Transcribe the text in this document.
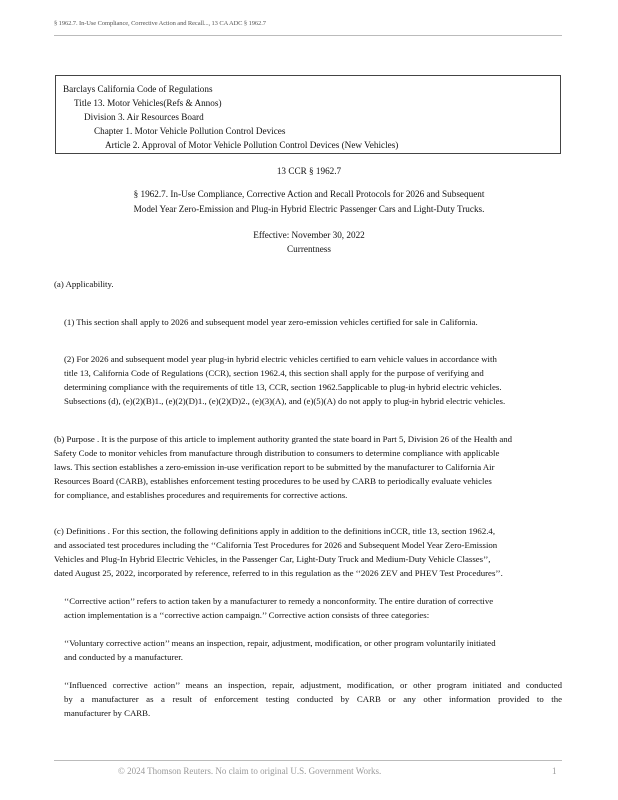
§ 1962.7. In-Use Compliance, Corrective Action and Recall..., 13 CA ADC § 1962.7
Barclays California Code of Regulations
Title 13. Motor Vehicles(Refs & Annos)
Division 3. Air Resources Board
Chapter 1. Motor Vehicle Pollution Control Devices
Article 2. Approval of Motor Vehicle Pollution Control Devices (New Vehicles)
13 CCR § 1962.7
§ 1962.7. In-Use Compliance, Corrective Action and Recall Protocols for 2026 and Subsequent
Model Year Zero-Emission and Plug-in Hybrid Electric Passenger Cars and Light-Duty Trucks.
Effective: November 30, 2022
Currentness
(a) Applicability.
(1) This section shall apply to 2026 and subsequent model year zero-emission vehicles certified for sale in California.
(2) For 2026 and subsequent model year plug-in hybrid electric vehicles certified to earn vehicle values in accordance with
title 13, California Code of Regulations (CCR), section 1962.4, this section shall apply for the purpose of verifying and
determining compliance with the requirements of title 13, CCR, section 1962.5applicable to plug-in hybrid electric vehicles.
Subsections (d), (e)(2)(B)1., (e)(2)(D)1., (e)(2)(D)2., (e)(3)(A), and (e)(5)(A) do not apply to plug-in hybrid electric vehicles.
(b) Purpose . It is the purpose of this article to implement authority granted the state board in Part 5, Division 26 of the Health and
Safety Code to monitor vehicles from manufacture through distribution to consumers to determine compliance with applicable
laws. This section establishes a zero-emission in-use verification report to be submitted by the manufacturer to California Air
Resources Board (CARB), establishes enforcement testing procedures to be used by CARB to periodically evaluate vehicles
for compliance, and establishes procedures and requirements for corrective actions.
(c) Definitions . For this section, the following definitions apply in addition to the definitions inCCR, title 13, section 1962.4,
and associated test procedures including the ‘‘California Test Procedures for 2026 and Subsequent Model Year Zero-Emission
Vehicles and Plug-In Hybrid Electric Vehicles, in the Passenger Car, Light-Duty Truck and Medium-Duty Vehicle Classes’’,
dated August 25, 2022, incorporated by reference, referred to in this regulation as the ‘‘2026 ZEV and PHEV Test Procedures’’.
‘‘Corrective action’’ refers to action taken by a manufacturer to remedy a nonconformity. The entire duration of corrective
action implementation is a ‘‘corrective action campaign.’’ Corrective action consists of three categories:
‘‘Voluntary corrective action’’ means an inspection, repair, adjustment, modification, or other program voluntarily initiated
and conducted by a manufacturer.
‘‘Influenced corrective action’’ means an inspection, repair, adjustment, modification, or other program initiated and conducted
by a manufacturer as a result of enforcement testing conducted by CARB or any other information provided to the
manufacturer by CARB.
© 2024 Thomson Reuters. No claim to original U.S. Government Works.	1
